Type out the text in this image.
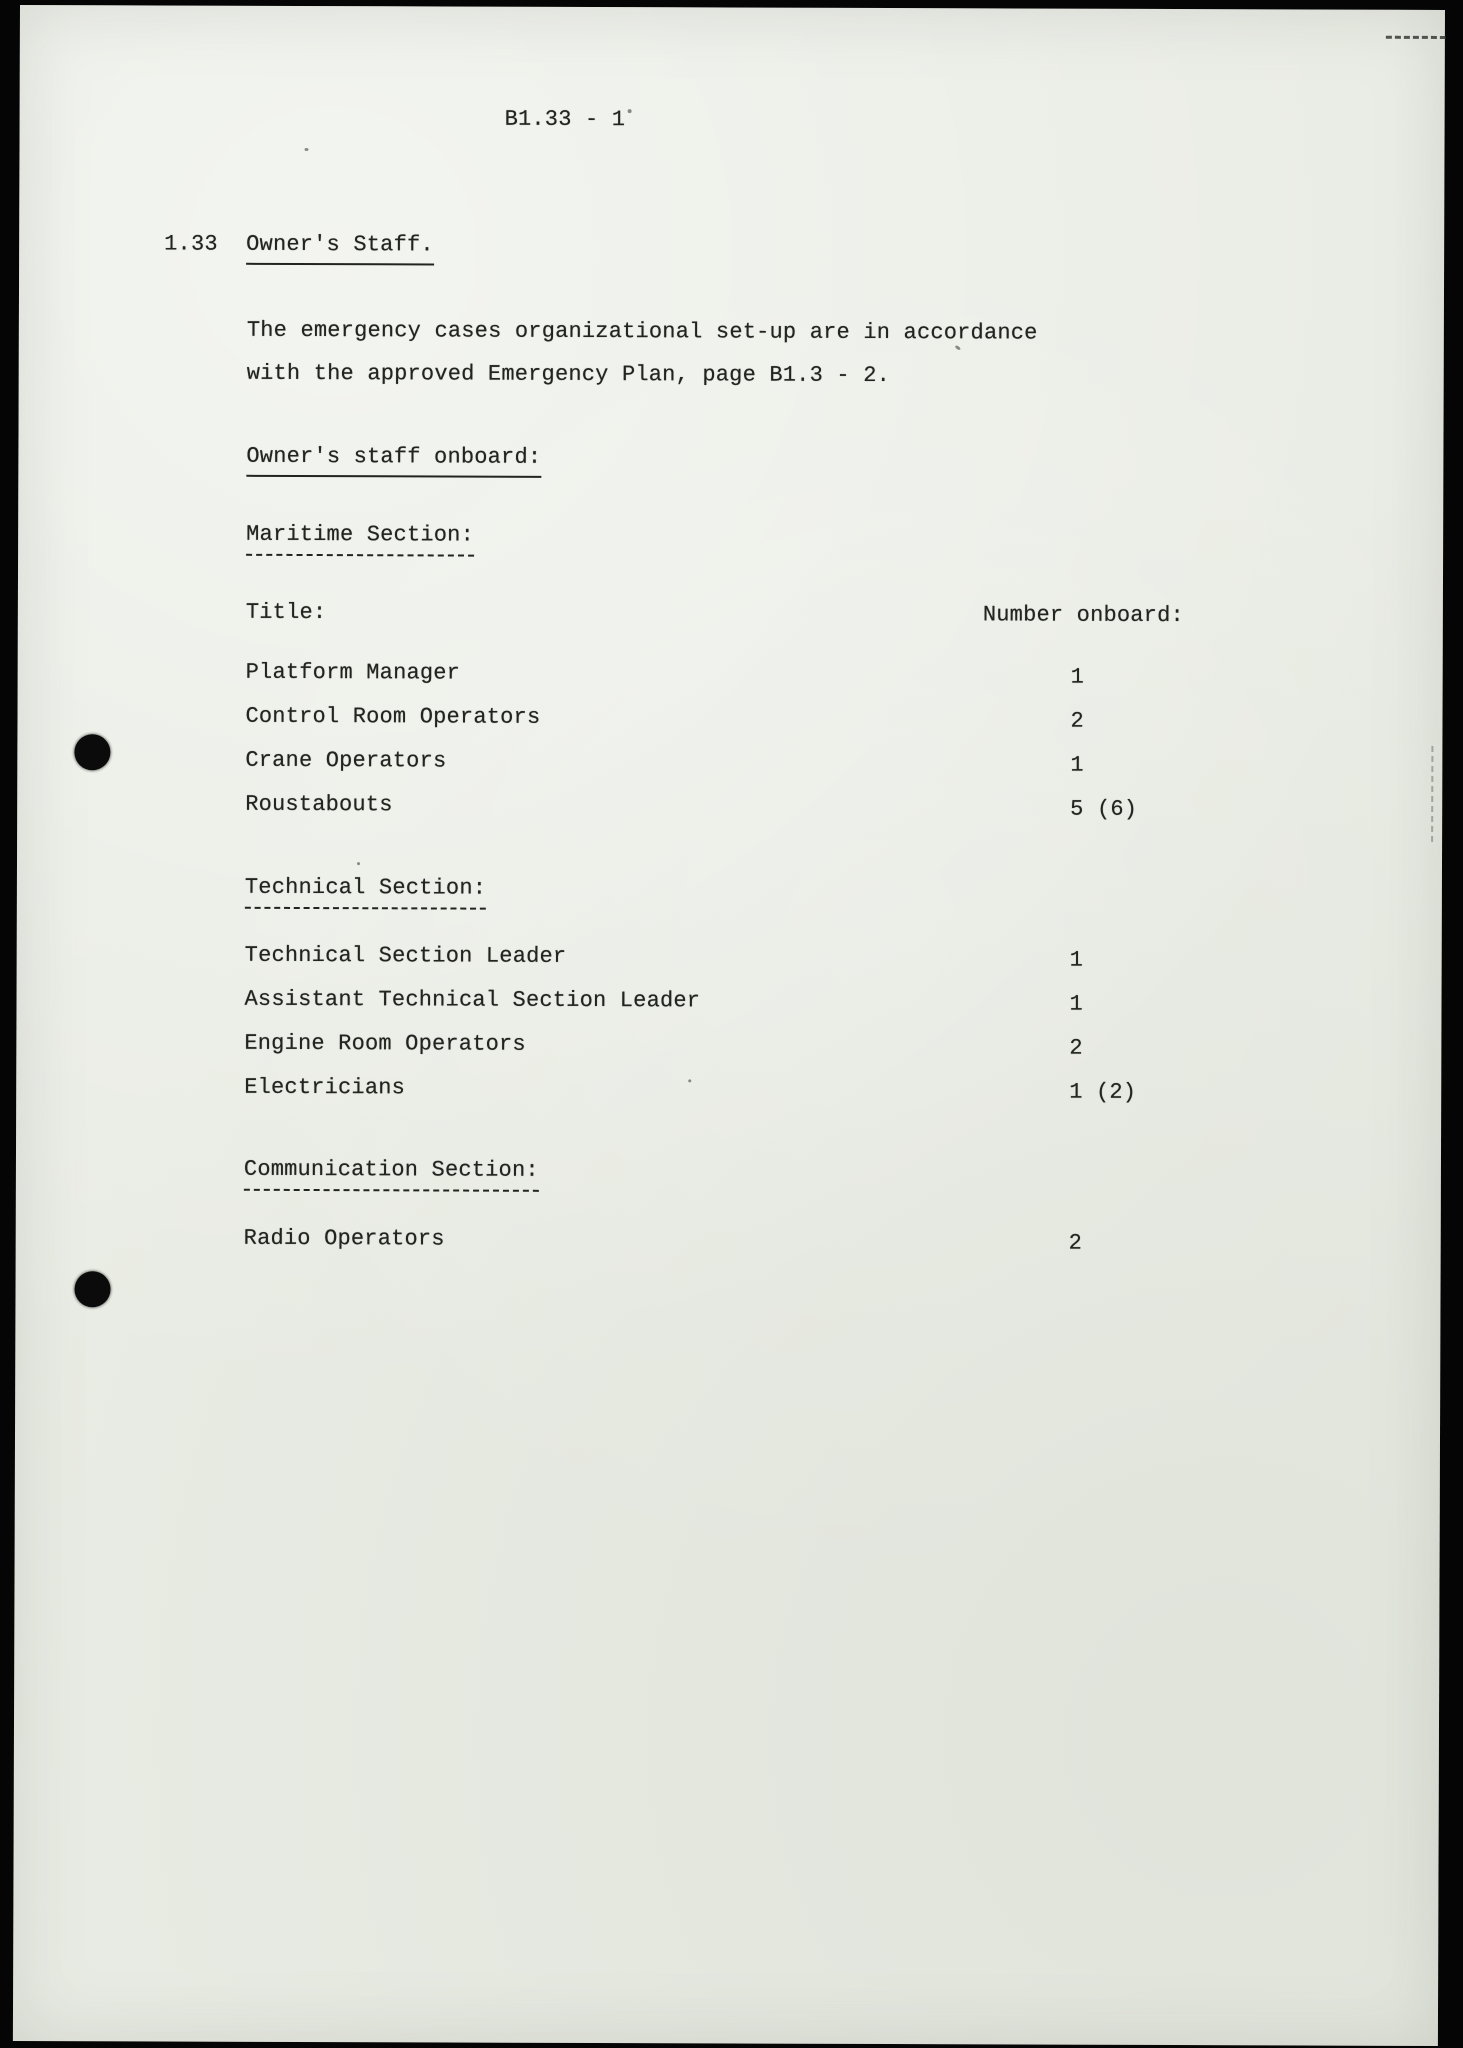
B1.33 - 1
1.33 Owner's Staff.
The emergency cases organizational set-up are in accordance
with the approved Emergency Plan, page B1.3 - 2.
Owner's staff onboard:
Maritime Section:
Title:	Number onboard:
Platform Manager	1
Control Room Operators	2
Crane Operators	1
Roustabouts	5 (6)
Technical Section:
Technical Section Leader	1
Assistant Technical Section Leader	1
Engine Room Operators	2
Electricians	1 (2)
Communication Section:
Radio Operators	2
